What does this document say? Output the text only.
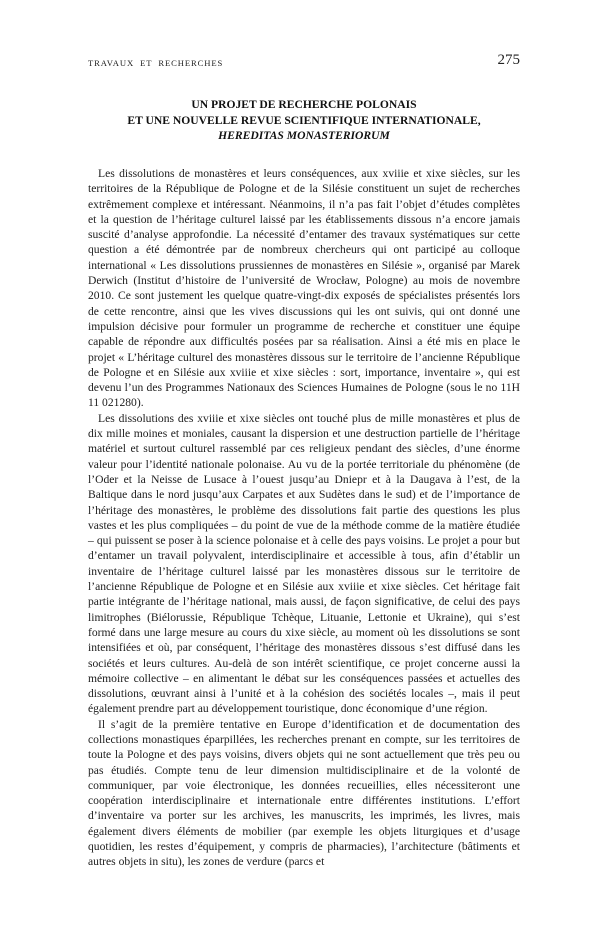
TRAVAUX ET RECHERCHES	275
UN PROJET DE RECHERCHE POLONAIS
ET UNE NOUVELLE REVUE SCIENTIFIQUE INTERNATIONALE,
HEREDITAS MONASTERIORUM

Les dissolutions de monastères et leurs conséquences, aux xviiie et xixe siècles, sur les territoires de la République de Pologne et de la Silésie constituent un sujet de recherches extrêmement complexe et intéressant. Néanmoins, il n’a pas fait l’objet d’études complètes et la question de l’héritage culturel laissé par les établissements dissous n’a encore jamais suscité d’analyse approfondie. La nécessité d’entamer des travaux systématiques sur cette question a été démontrée par de nombreux chercheurs qui ont participé au colloque international « Les dissolutions prussiennes de monastères en Silésie », organisé par Marek Derwich (Institut d’histoire de l’université de Wrocław, Pologne) au mois de novembre 2010. Ce sont justement les quelque quatre-vingt-dix exposés de spécialistes présentés lors de cette rencontre, ainsi que les vives discussions qui les ont suivis, qui ont donné une impulsion décisive pour formuler un programme de recherche et constituer une équipe capable de répondre aux difficultés posées par sa réalisation. Ainsi a été mis en place le projet « L’héritage culturel des monastères dissous sur le territoire de l’ancienne République de Pologne et en Silésie aux xviiie et xixe siècles : sort, importance, inventaire », qui est devenu l’un des Programmes Nationaux des Sciences Humaines de Pologne (sous le no 11H 11 021280).

Les dissolutions des xviiie et xixe siècles ont touché plus de mille monastères et plus de dix mille moines et moniales, causant la dispersion et une destruction partielle de l’héritage matériel et surtout culturel rassemblé par ces religieux pendant des siècles, d’une énorme valeur pour l’identité nationale polonaise. Au vu de la portée territoriale du phénomène (de l’Oder et la Neisse de Lusace à l’ouest jusqu’au Dniepr et à la Daugava à l’est, de la Baltique dans le nord jusqu’aux Carpates et aux Sudètes dans le sud) et de l’importance de l’héritage des monastères, le problème des dissolutions fait partie des questions les plus vastes et les plus compliquées – du point de vue de la méthode comme de la matière étudiée – qui puissent se poser à la science polonaise et à celle des pays voisins. Le projet a pour but d’entamer un travail polyvalent, interdisciplinaire et accessible à tous, afin d’établir un inventaire de l’héritage culturel laissé par les monastères dissous sur le territoire de l’ancienne République de Pologne et en Silésie aux xviiie et xixe siècles. Cet héritage fait partie intégrante de l’héritage national, mais aussi, de façon significative, de celui des pays limitrophes (Biélorussie, République Tchèque, Lituanie, Lettonie et Ukraine), qui s’est formé dans une large mesure au cours du xixe siècle, au moment où les dissolutions se sont intensifiées et où, par conséquent, l’héritage des monastères dissous s’est diffusé dans les sociétés et leurs cultures. Au-delà de son intérêt scientifique, ce projet concerne aussi la mémoire collective – en alimentant le débat sur les conséquences passées et actuelles des dissolutions, œuvrant ainsi à l’unité et à la cohésion des sociétés locales –, mais il peut également prendre part au développement touristique, donc économique d’une région.

Il s’agit de la première tentative en Europe d’identification et de documentation des collections monastiques éparpillées, les recherches prenant en compte, sur les territoires de toute la Pologne et des pays voisins, divers objets qui ne sont actuellement que très peu ou pas étudiés. Compte tenu de leur dimension multidisciplinaire et de la volonté de communiquer, par voie électronique, les données recueillies, elles nécessiteront une coopération interdisciplinaire et internationale entre différentes institutions. L’effort d’inventaire va porter sur les archives, les manuscrits, les imprimés, les livres, mais également divers éléments de mobilier (par exemple les objets liturgiques et d’usage quotidien, les restes d’équipement, y compris de pharmacies), l’architecture (bâtiments et autres objets in situ), les zones de verdure (parcs et
